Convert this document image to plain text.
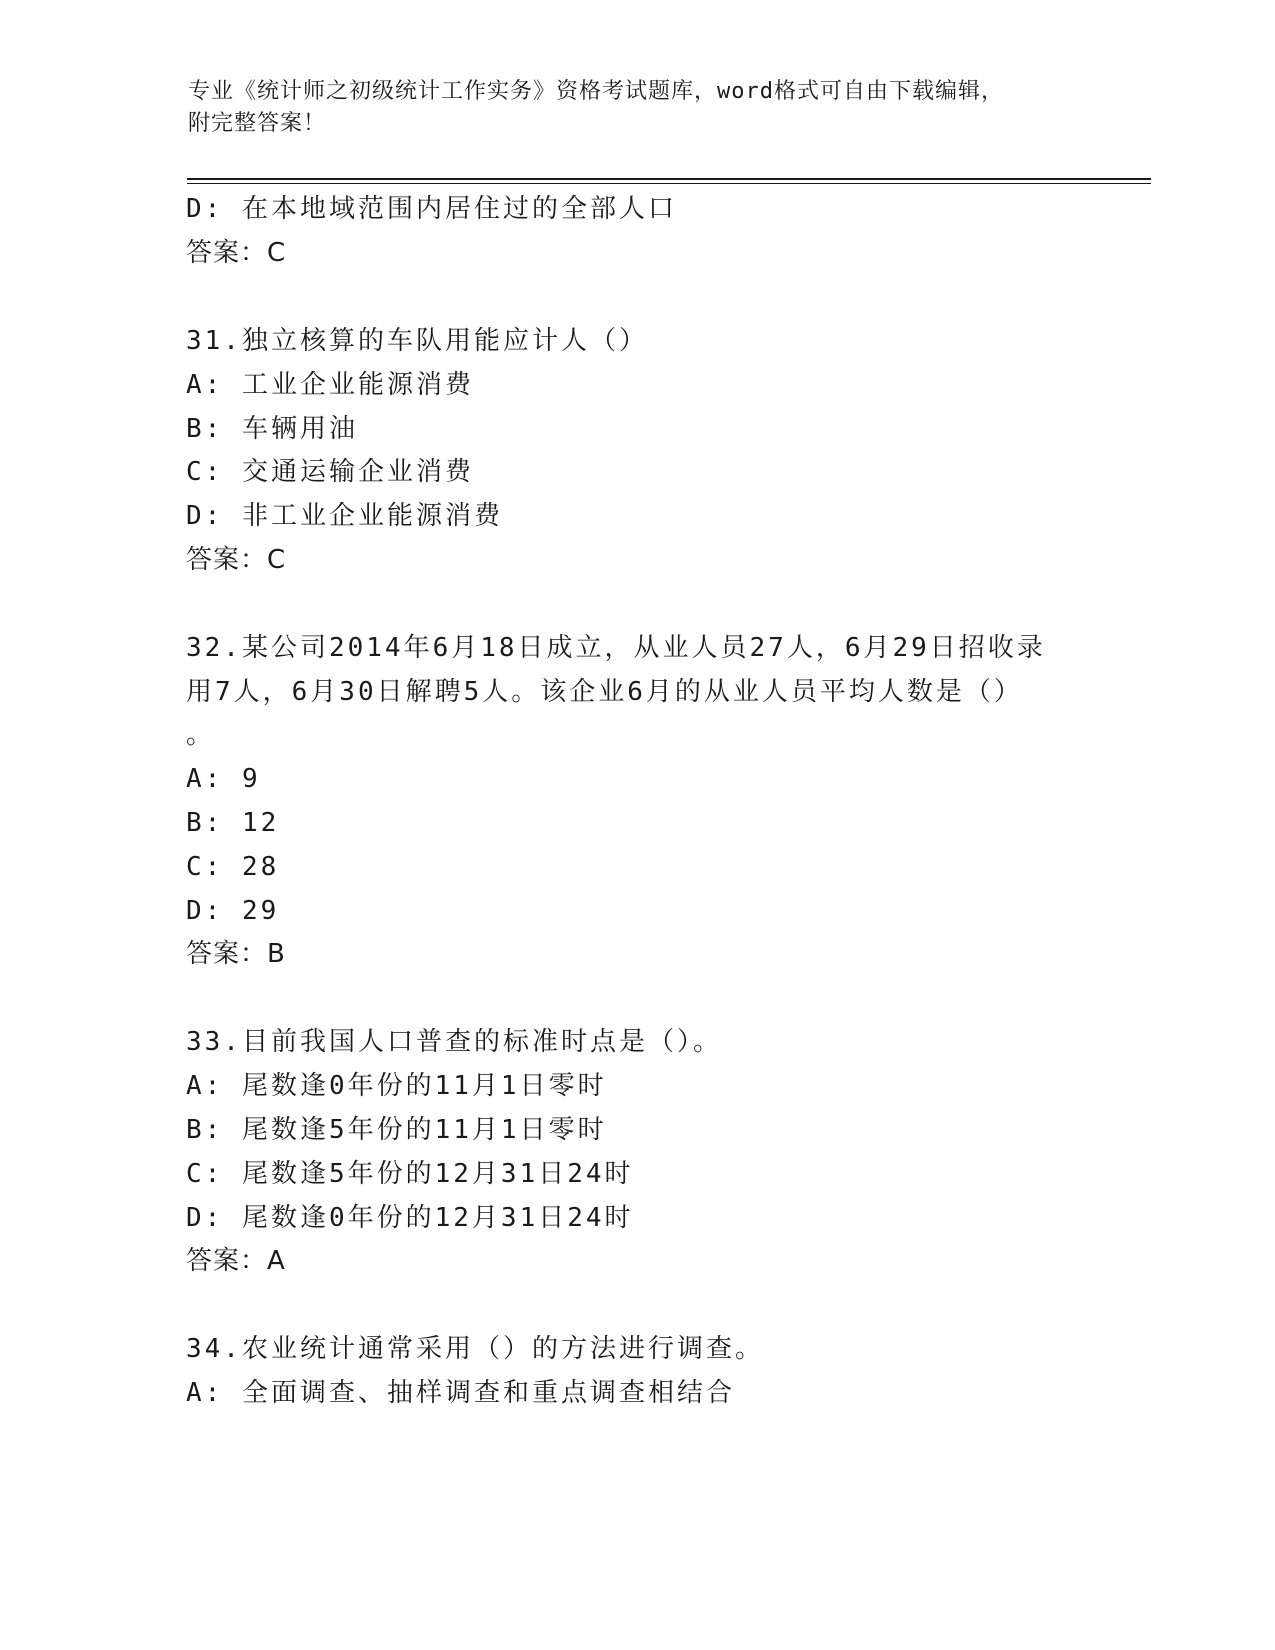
专业《统计师之初级统计工作实务》资格考试题库，word格式可自由下载编辑，
附完整答案！
D: 在本地域范围内居住过的全部人口
答案：C
31.独立核算的车队用能应计人（）
A: 工业企业能源消费
B: 车辆用油
C: 交通运输企业消费
D: 非工业企业能源消费
答案：C
32.某公司2014年6月18日成立，从业人员27人，6月29日招收录
用7人，6月30日解聘5人。该企业6月的从业人员平均人数是（）
。
A: 9
B: 12
C: 28
D: 29
答案：B
33.目前我国人口普查的标准时点是（）。
A: 尾数逢0年份的11月1日零时
B: 尾数逢5年份的11月1日零时
C: 尾数逢5年份的12月31日24时
D: 尾数逢0年份的12月31日24时
答案：A
34.农业统计通常采用（）的方法进行调查。
A: 全面调查、抽样调查和重点调查相结合
